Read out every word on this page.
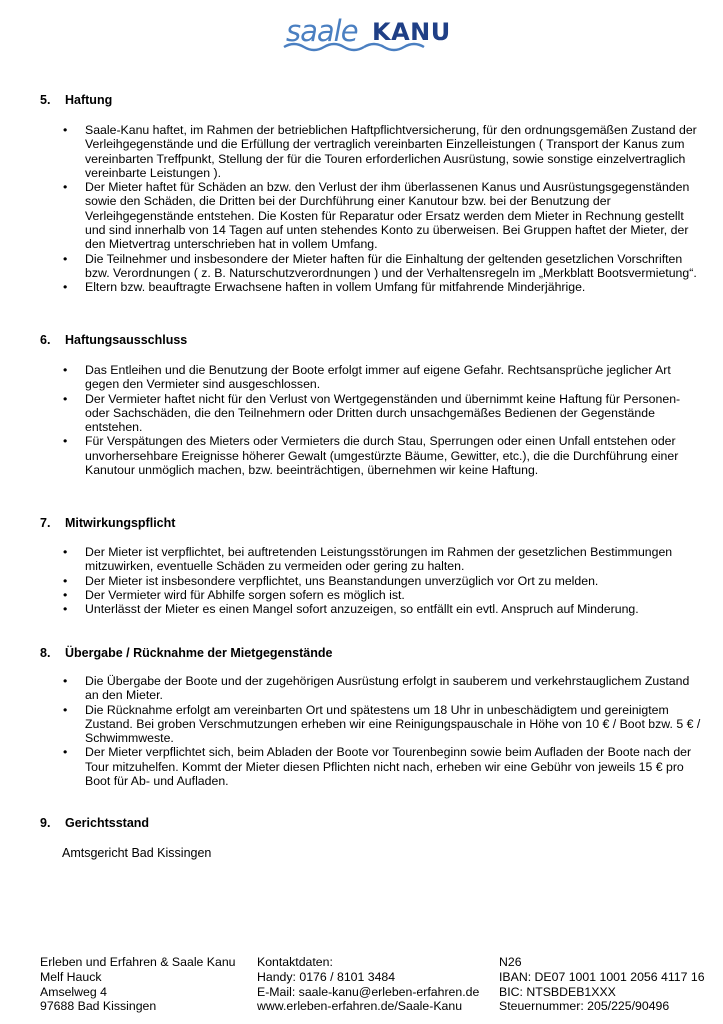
saale KANU
5. Haftung
• Saale-Kanu haftet, im Rahmen der betrieblichen Haftpflichtversicherung, für den ordnungsgemäßen Zustand der Verleihgegenstände und die Erfüllung der vertraglich vereinbarten Einzelleistungen ( Transport der Kanus zum vereinbarten Treffpunkt, Stellung der für die Touren erforderlichen Ausrüstung, sowie sonstige einzelvertraglich vereinbarte Leistungen ).
• Der Mieter haftet für Schäden an bzw. den Verlust der ihm überlassenen Kanus und Ausrüstungsgegenständen sowie den Schäden, die Dritten bei der Durchführung einer Kanutour bzw. bei der Benutzung der Verleihgegenstände entstehen. Die Kosten für Reparatur oder Ersatz werden dem Mieter in Rechnung gestellt und sind innerhalb von 14 Tagen auf unten stehendes Konto zu überweisen. Bei Gruppen haftet der Mieter, der den Mietvertrag unterschrieben hat in vollem Umfang.
• Die Teilnehmer und insbesondere der Mieter haften für die Einhaltung der geltenden gesetzlichen Vorschriften bzw. Verordnungen ( z. B. Naturschutzverordnungen ) und der Verhaltensregeln im „Merkblatt Bootsvermietung“.
• Eltern bzw. beauftragte Erwachsene haften in vollem Umfang für mitfahrende Minderjährige.
6. Haftungsausschluss
• Das Entleihen und die Benutzung der Boote erfolgt immer auf eigene Gefahr. Rechtsansprüche jeglicher Art gegen den Vermieter sind ausgeschlossen.
• Der Vermieter haftet nicht für den Verlust von Wertgegenständen und übernimmt keine Haftung für Personen- oder Sachschäden, die den Teilnehmern oder Dritten durch unsachgemäßes Bedienen der Gegenstände entstehen.
• Für Verspätungen des Mieters oder Vermieters die durch Stau, Sperrungen oder einen Unfall entstehen oder unvorhersehbare Ereignisse höherer Gewalt (umgestürzte Bäume, Gewitter, etc.), die die Durchführung einer Kanutour unmöglich machen, bzw. beeinträchtigen, übernehmen wir keine Haftung.
7. Mitwirkungspflicht
• Der Mieter ist verpflichtet, bei auftretenden Leistungsstörungen im Rahmen der gesetzlichen Bestimmungen mitzuwirken, eventuelle Schäden zu vermeiden oder gering zu halten.
• Der Mieter ist insbesondere verpflichtet, uns Beanstandungen unverzüglich vor Ort zu melden.
• Der Vermieter wird für Abhilfe sorgen sofern es möglich ist.
• Unterlässt der Mieter es einen Mangel sofort anzuzeigen, so entfällt ein evtl. Anspruch auf Minderung.
8. Übergabe / Rücknahme der Mietgegenstände
• Die Übergabe der Boote und der zugehörigen Ausrüstung erfolgt in sauberem und verkehrstauglichem Zustand an den Mieter.
• Die Rücknahme erfolgt am vereinbarten Ort und spätestens um 18 Uhr in unbeschädigtem und gereinigtem Zustand. Bei groben Verschmutzungen erheben wir eine Reinigungspauschale in Höhe von 10 € / Boot bzw. 5 € / Schwimmweste.
• Der Mieter verpflichtet sich, beim Abladen der Boote vor Tourenbeginn sowie beim Aufladen der Boote nach der Tour mitzuhelfen. Kommt der Mieter diesen Pflichten nicht nach, erheben wir eine Gebühr von jeweils 15 € pro Boot für Ab- und Aufladen.
9. Gerichtsstand
Amtsgericht Bad Kissingen
Erleben und Erfahren & Saale Kanu
Melf Hauck
Amselweg 4
97688 Bad Kissingen
Kontaktdaten:
Handy: 0176 / 8101 3484
E-Mail: saale-kanu@erleben-erfahren.de
www.erleben-erfahren.de/Saale-Kanu
N26
IBAN: DE07 1001 1001 2056 4117 16
BIC: NTSBDEB1XXX
Steuernummer: 205/225/90496
